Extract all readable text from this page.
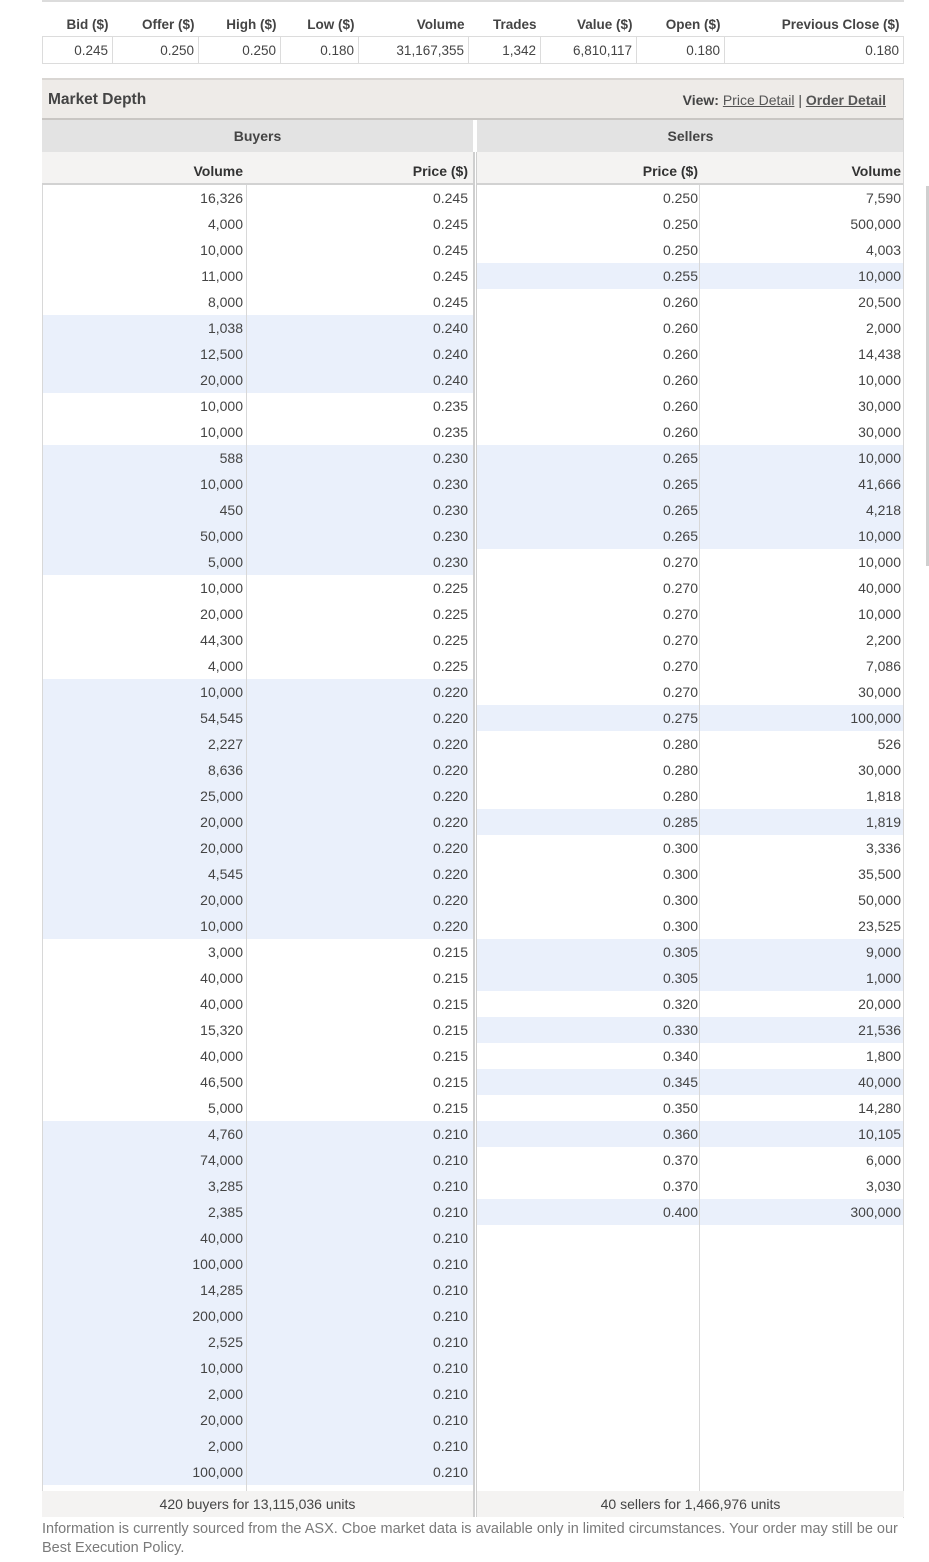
Bid ($)	Offer ($)	High ($)	Low ($)	Volume	Trades	Value ($)	Open ($)	Previous Close ($)
0.245	0.250	0.250	0.180	31,167,355	1,342	6,810,117	0.180	0.180
Market Depth	View: Price Detail | Order Detail
Buyers
Volume	Price ($)
16,326	0.245
4,000	0.245
10,000	0.245
11,000	0.245
8,000	0.245
1,038	0.240
12,500	0.240
20,000	0.240
10,000	0.235
10,000	0.235
588	0.230
10,000	0.230
450	0.230
50,000	0.230
5,000	0.230
10,000	0.225
20,000	0.225
44,300	0.225
4,000	0.225
10,000	0.220
54,545	0.220
2,227	0.220
8,636	0.220
25,000	0.220
20,000	0.220
20,000	0.220
4,545	0.220
20,000	0.220
10,000	0.220
3,000	0.215
40,000	0.215
40,000	0.215
15,320	0.215
40,000	0.215
46,500	0.215
5,000	0.215
4,760	0.210
74,000	0.210
3,285	0.210
2,385	0.210
40,000	0.210
100,000	0.210
14,285	0.210
200,000	0.210
2,525	0.210
10,000	0.210
2,000	0.210
20,000	0.210
2,000	0.210
100,000	0.210
Sellers
Price ($)	Volume
0.250	7,590
0.250	500,000
0.250	4,003
0.255	10,000
0.260	20,500
0.260	2,000
0.260	14,438
0.260	10,000
0.260	30,000
0.260	30,000
0.265	10,000
0.265	41,666
0.265	4,218
0.265	10,000
0.270	10,000
0.270	40,000
0.270	10,000
0.270	2,200
0.270	7,086
0.270	30,000
0.275	100,000
0.280	526
0.280	30,000
0.280	1,818
0.285	1,819
0.300	3,336
0.300	35,500
0.300	50,000
0.300	23,525
0.305	9,000
0.305	1,000
0.320	20,000
0.330	21,536
0.340	1,800
0.345	40,000
0.350	14,280
0.360	10,105
0.370	6,000
0.370	3,030
0.400	300,000
420 buyers for 13,115,036 units	40 sellers for 1,466,976 units
Information is currently sourced from the ASX. Cboe market data is available only in limited circumstances. Your order may still be our Best Execution Policy.
